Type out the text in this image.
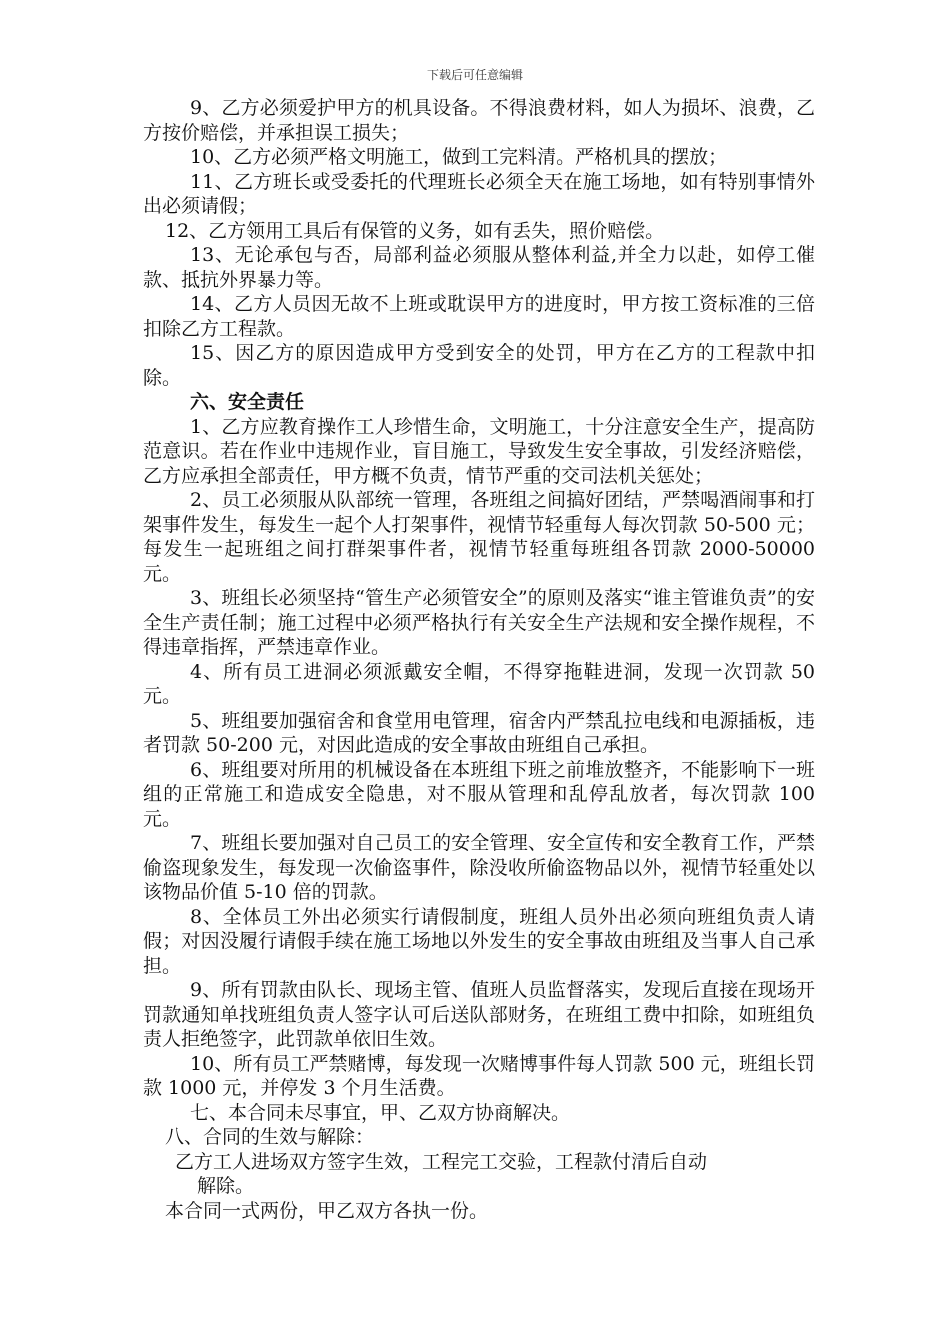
下载后可任意编辑

9、乙方必须爱护甲方的机具设备。不得浪费材料，如人为损坏、浪费，乙方按价赔偿，并承担误工损失；

10、乙方必须严格文明施工，做到工完料清。严格机具的摆放；

11、乙方班长或受委托的代理班长必须全天在施工场地，如有特别事情外出必须请假；

12、乙方领用工具后有保管的义务，如有丢失，照价赔偿。

13、无论承包与否，局部利益必须服从整体利益,并全力以赴，如停工催款、抵抗外界暴力等。

14、乙方人员因无故不上班或耽误甲方的进度时，甲方按工资标准的三倍扣除乙方工程款。

15、因乙方的原因造成甲方受到安全的处罚，甲方在乙方的工程款中扣除。

六、安全责任

1、乙方应教育操作工人珍惜生命，文明施工，十分注意安全生产，提高防范意识。若在作业中违规作业，盲目施工，导致发生安全事故，引发经济赔偿，乙方应承担全部责任，甲方概不负责，情节严重的交司法机关惩处；

2、员工必须服从队部统一管理，各班组之间搞好团结，严禁喝酒闹事和打架事件发生，每发生一起个人打架事件，视情节轻重每人每次罚款 50-500 元；每发生一起班组之间打群架事件者，视情节轻重每班组各罚款 2000-50000 元。

3、班组长必须坚持“管生产必须管安全”的原则及落实“谁主管谁负责”的安全生产责任制；施工过程中必须严格执行有关安全生产法规和安全操作规程，不得违章指挥，严禁违章作业。

4、所有员工进洞必须派戴安全帽，不得穿拖鞋进洞，发现一次罚款 50 元。

5、班组要加强宿舍和食堂用电管理，宿舍内严禁乱拉电线和电源插板，违者罚款 50-200 元，对因此造成的安全事故由班组自己承担。

6、班组要对所用的机械设备在本班组下班之前堆放整齐，不能影响下一班组的正常施工和造成安全隐患，对不服从管理和乱停乱放者，每次罚款 100 元。

7、班组长要加强对自己员工的安全管理、安全宣传和安全教育工作，严禁偷盗现象发生，每发现一次偷盗事件，除没收所偷盗物品以外，视情节轻重处以该物品价值 5-10 倍的罚款。

8、全体员工外出必须实行请假制度，班组人员外出必须向班组负责人请假；对因没履行请假手续在施工场地以外发生的安全事故由班组及当事人自己承担。

9、所有罚款由队长、现场主管、值班人员监督落实，发现后直接在现场开罚款通知单找班组负责人签字认可后送队部财务，在班组工费中扣除，如班组负责人拒绝签字，此罚款单依旧生效。

10、所有员工严禁赌博，每发现一次赌博事件每人罚款 500 元，班组长罚款 1000 元，并停发 3 个月生活费。

七、本合同未尽事宜，甲、乙双方协商解决。

八、合同的生效与解除：

乙方工人进场双方签字生效，工程完工交验，工程款付清后自动
解除。

本合同一式两份，甲乙双方各执一份。
